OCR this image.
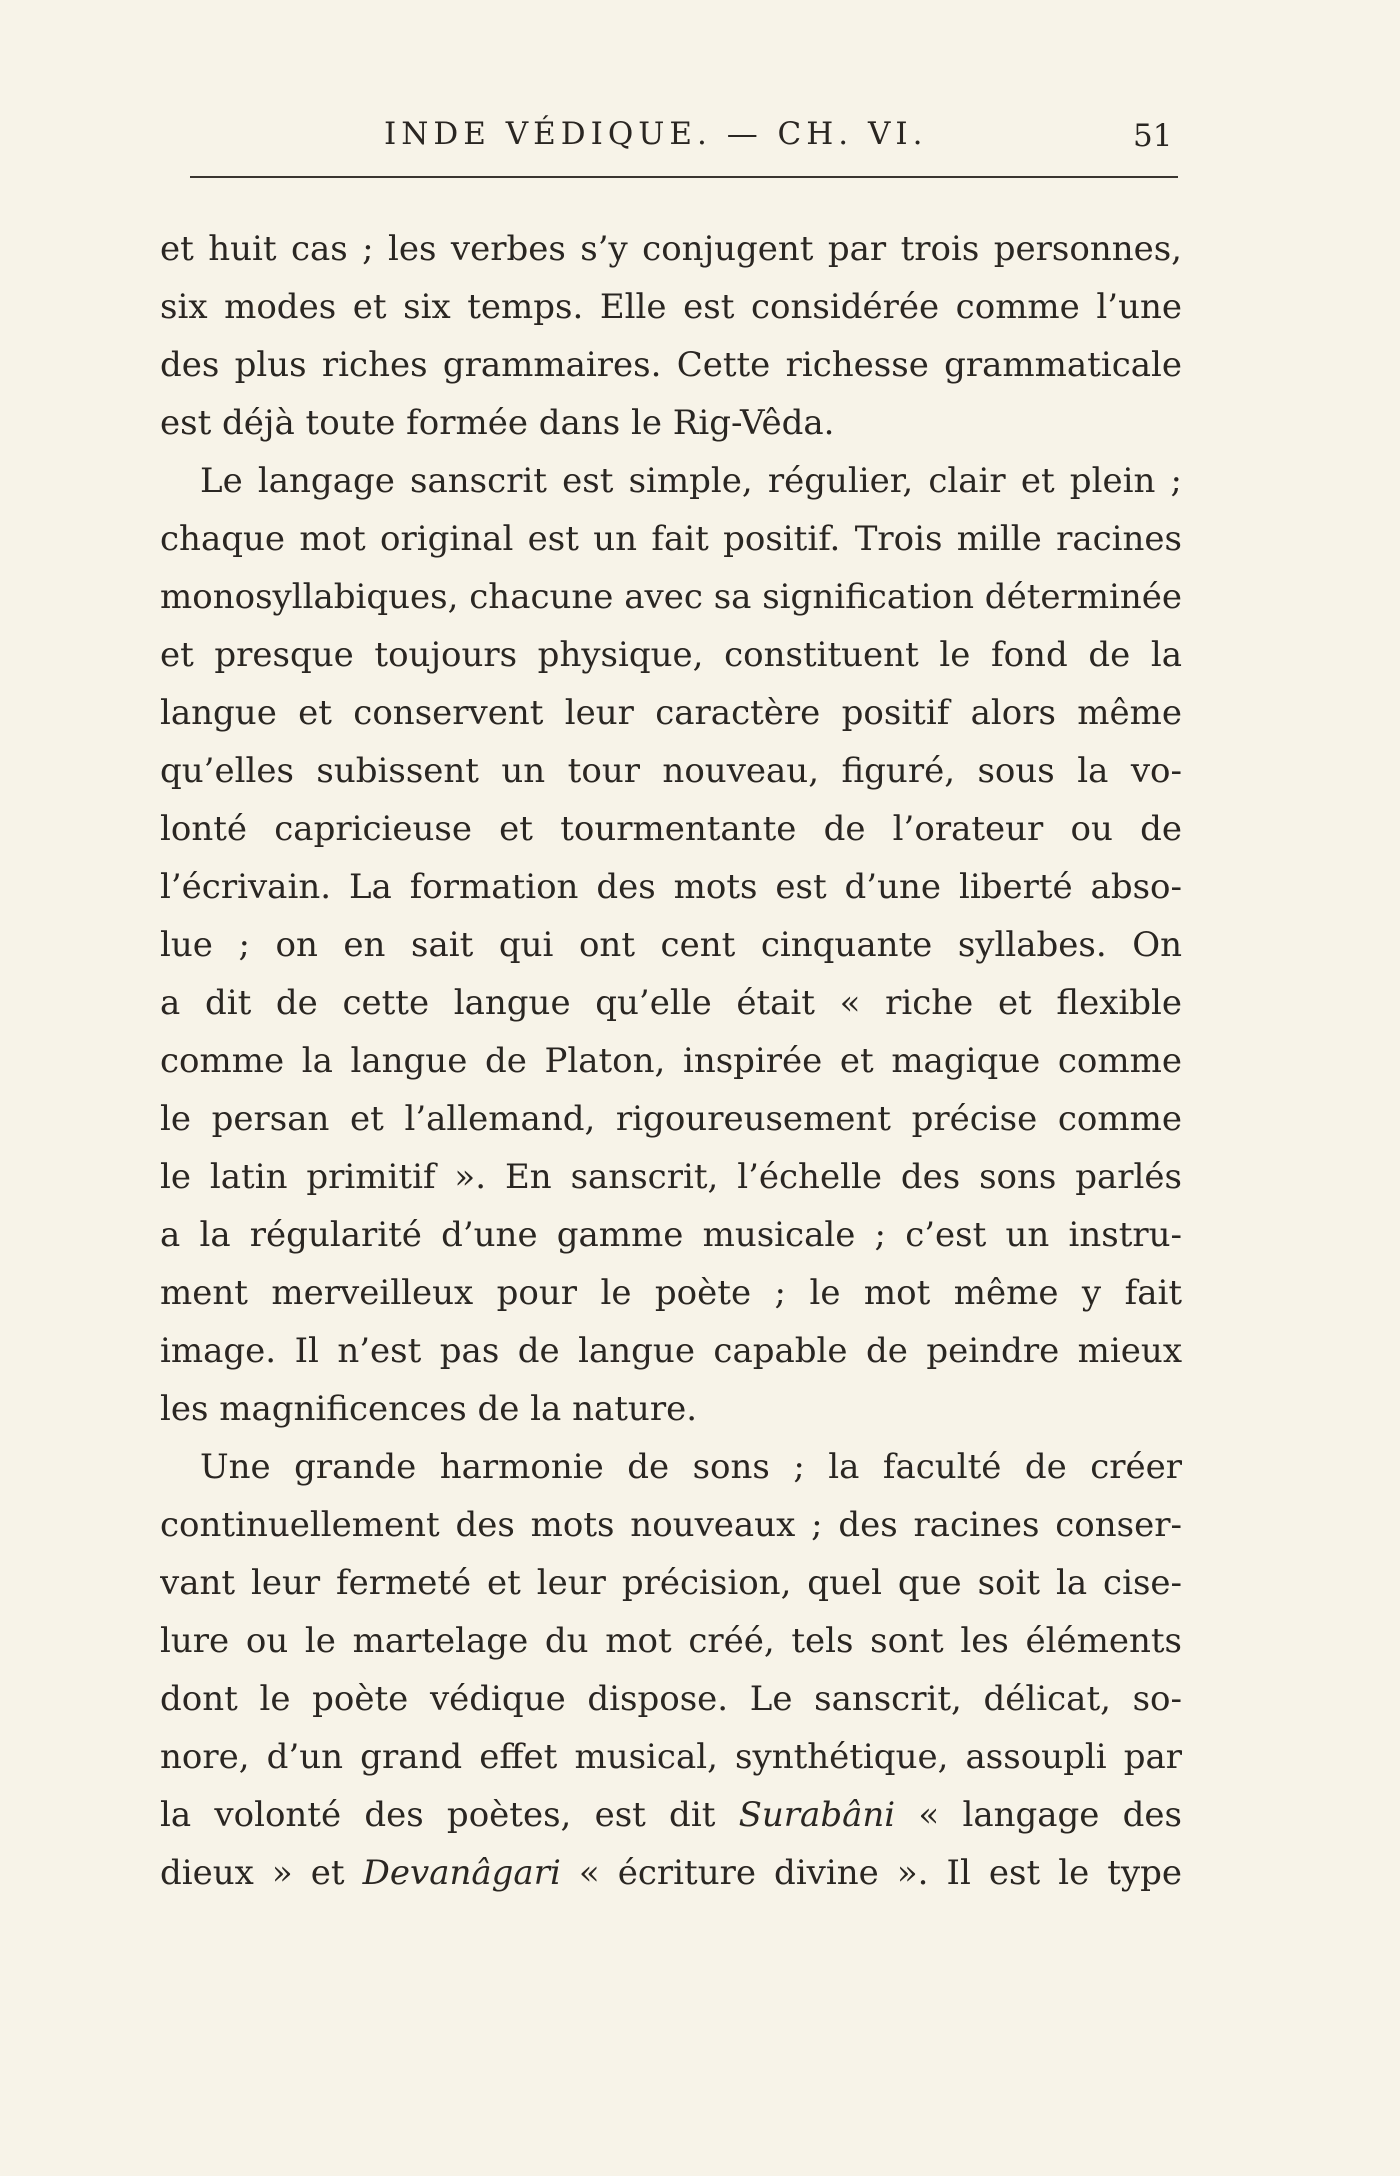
INDE VÉDIQUE. — CH. VI.	51
et huit cas ; les verbes s’y conjugent par trois personnes,
six modes et six temps. Elle est considérée comme l’une
des plus riches grammaires. Cette richesse grammaticale
est déjà toute formée dans le Rig-Vêda.
Le langage sanscrit est simple, régulier, clair et plein ;
chaque mot original est un fait positif. Trois mille racines
monosyllabiques, chacune avec sa signification déterminée
et presque toujours physique, constituent le fond de la
langue et conservent leur caractère positif alors même
qu’elles subissent un tour nouveau, figuré, sous la vo-
lonté capricieuse et tourmentante de l’orateur ou de
l’écrivain. La formation des mots est d’une liberté abso-
lue ; on en sait qui ont cent cinquante syllabes. On
a dit de cette langue qu’elle était « riche et flexible
comme la langue de Platon, inspirée et magique comme
le persan et l’allemand, rigoureusement précise comme
le latin primitif ». En sanscrit, l’échelle des sons parlés
a la régularité d’une gamme musicale ; c’est un instru-
ment merveilleux pour le poète ; le mot même y fait
image. Il n’est pas de langue capable de peindre mieux
les magnificences de la nature.
Une grande harmonie de sons ; la faculté de créer
continuellement des mots nouveaux ; des racines conser-
vant leur fermeté et leur précision, quel que soit la cise-
lure ou le martelage du mot créé, tels sont les éléments
dont le poète védique dispose. Le sanscrit, délicat, so-
nore, d’un grand effet musical, synthétique, assoupli par
la volonté des poètes, est dit Surabâni « langage des
dieux » et Devanâgari « écriture divine ». Il est le type
